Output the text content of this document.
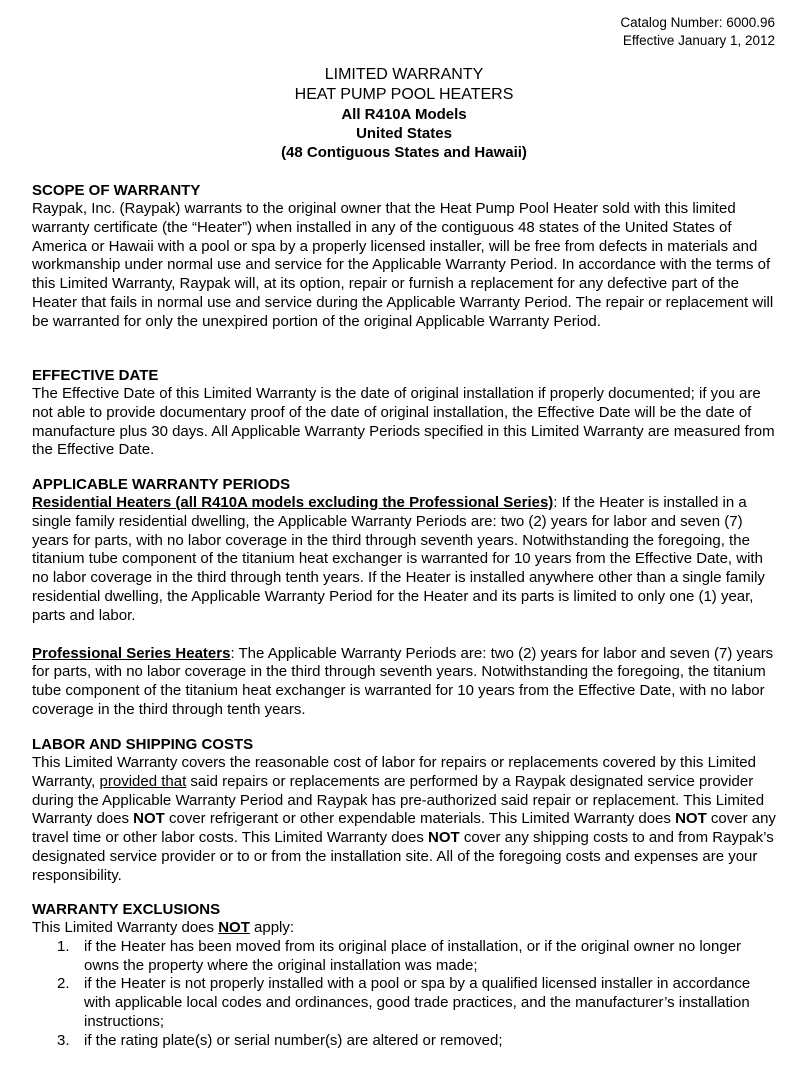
Catalog Number: 6000.96
Effective January 1, 2012
LIMITED WARRANTY
HEAT PUMP POOL HEATERS
All R410A Models
United States
(48 Contiguous States and Hawaii)
SCOPE OF WARRANTY

Raypak, Inc. (Raypak) warrants to the original owner that the Heat Pump Pool Heater sold with this limited warranty certificate (the “Heater”) when installed in any of the contiguous 48 states of the United States of America or Hawaii with a pool or spa by a properly licensed installer, will be free from defects in materials and workmanship under normal use and service for the Applicable Warranty Period. In accordance with the terms of this Limited Warranty, Raypak will, at its option, repair or furnish a replacement for any defective part of the Heater that fails in normal use and service during the Applicable Warranty Period. The repair or replacement will be warranted for only the unexpired portion of the original Applicable Warranty Period.

EFFECTIVE DATE

The Effective Date of this Limited Warranty is the date of original installation if properly documented; if you are not able to provide documentary proof of the date of original installation, the Effective Date will be the date of manufacture plus 30 days. All Applicable Warranty Periods specified in this Limited Warranty are measured from the Effective Date.

APPLICABLE WARRANTY PERIODS

Residential Heaters (all R410A models excluding the Professional Series): If the Heater is installed in a single family residential dwelling, the Applicable Warranty Periods are: two (2) years for labor and seven (7) years for parts, with no labor coverage in the third through seventh years. Notwithstanding the foregoing, the titanium tube component of the titanium heat exchanger is warranted for 10 years from the Effective Date, with no labor coverage in the third through tenth years. If the Heater is installed anywhere other than a single family residential dwelling, the Applicable Warranty Period for the Heater and its parts is limited to only one (1) year, parts and labor.

Professional Series Heaters: The Applicable Warranty Periods are: two (2) years for labor and seven (7) years for parts, with no labor coverage in the third through seventh years. Notwithstanding the foregoing, the titanium tube component of the titanium heat exchanger is warranted for 10 years from the Effective Date, with no labor coverage in the third through tenth years.

LABOR AND SHIPPING COSTS

This Limited Warranty covers the reasonable cost of labor for repairs or replacements covered by this Limited Warranty, provided that said repairs or replacements are performed by a Raypak designated service provider during the Applicable Warranty Period and Raypak has pre-authorized said repair or replacement. This Limited Warranty does NOT cover refrigerant or other expendable materials. This Limited Warranty does NOT cover any travel time or other labor costs. This Limited Warranty does NOT cover any shipping costs to and from Raypak’s designated service provider or to or from the installation site. All of the foregoing costs and expenses are your responsibility.

WARRANTY EXCLUSIONS

This Limited Warranty does NOT apply:

1. if the Heater has been moved from its original place of installation, or if the original owner no longer owns the property where the original installation was made;
2. if the Heater is not properly installed with a pool or spa by a qualified licensed installer in accordance with applicable local codes and ordinances, good trade practices, and the manufacturer’s installation instructions;
3. if the rating plate(s) or serial number(s) are altered or removed;
